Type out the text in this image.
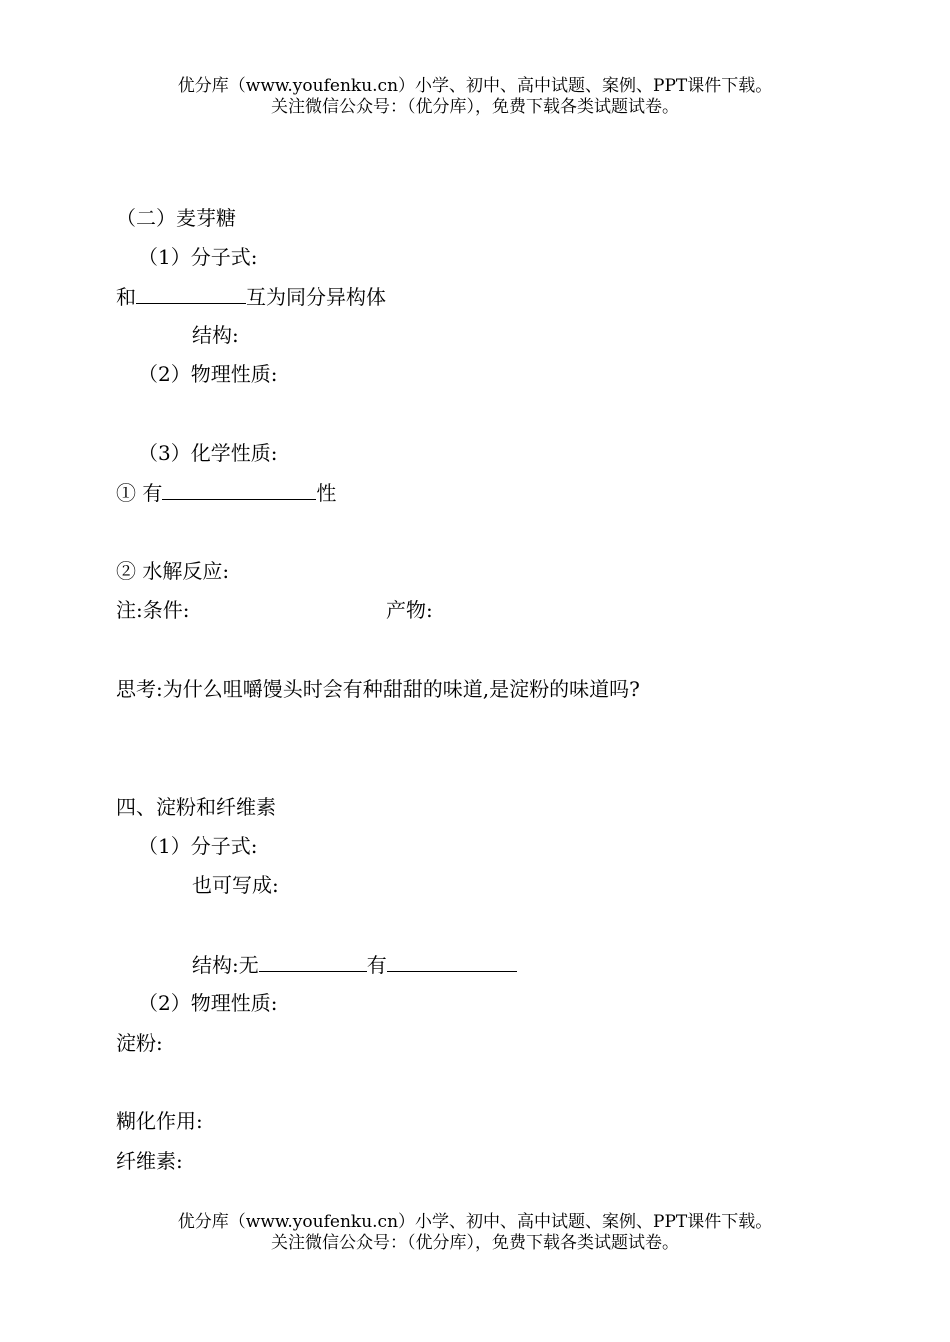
优分库（www.youfenku.cn）小学、初中、高中试题、案例、PPT课件下载。
关注微信公众号：（优分库），免费下载各类试题试卷。
（二）麦芽糖
（1）分子式:
和	互为同分异构体
结构:
（2）物理性质:
（3）化学性质:
① 有	性
② 水解反应:
注:条件:	产物:
思考:为什么咀嚼馒头时会有种甜甜的味道,是淀粉的味道吗?
四、淀粉和纤维素
（1）分子式:
也可写成:
结构:无	有
（2）物理性质:
淀粉:
糊化作用:
纤维素:
优分库（www.youfenku.cn）小学、初中、高中试题、案例、PPT课件下载。
关注微信公众号：（优分库），免费下载各类试题试卷。
